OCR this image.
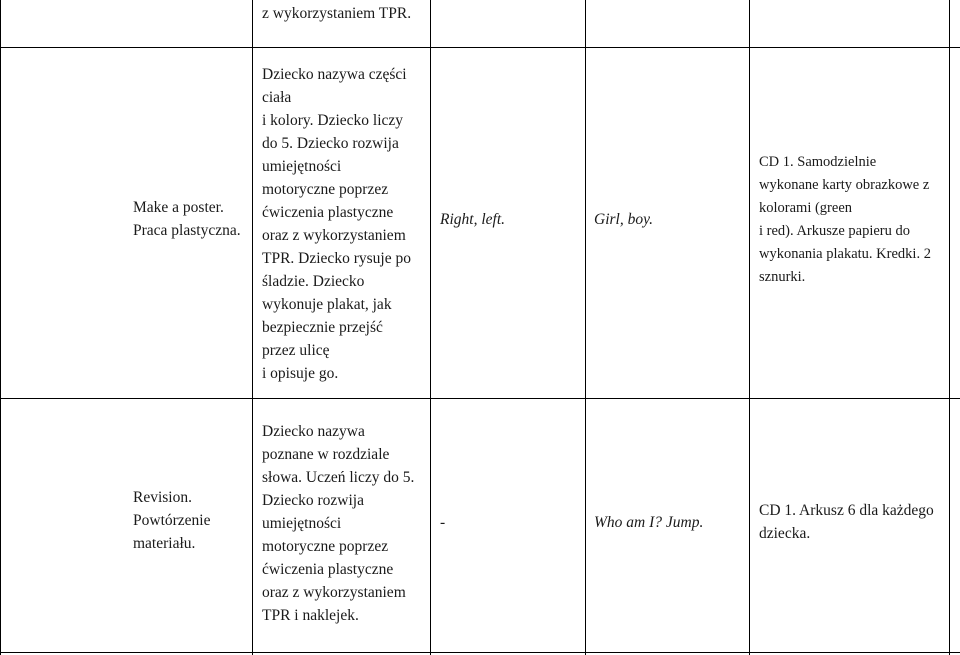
z wykorzystaniem TPR.
Make a poster.
Praca plastyczna.
Dziecko nazywa części
ciała
i kolory. Dziecko liczy
do 5. Dziecko rozwija
umiejętności
motoryczne poprzez
ćwiczenia plastyczne
oraz z wykorzystaniem
TPR. Dziecko rysuje po
śladzie. Dziecko
wykonuje plakat, jak
bezpiecznie przejść
przez ulicę
i opisuje go.
Right, left.	Girl, boy.
CD 1. Samodzielnie
wykonane karty obrazkowe z
kolorami (green
i red). Arkusze papieru do
wykonania plakatu. Kredki. 2
sznurki.
Revision.
Powtórzenie
materiału.
Dziecko nazywa
poznane w rozdziale
słowa. Uczeń liczy do 5.
Dziecko rozwija
umiejętności
motoryczne poprzez
ćwiczenia plastyczne
oraz z wykorzystaniem
TPR i naklejek.
-	Who am I? Jump.
CD 1. Arkusz 6 dla każdego
dziecka.
